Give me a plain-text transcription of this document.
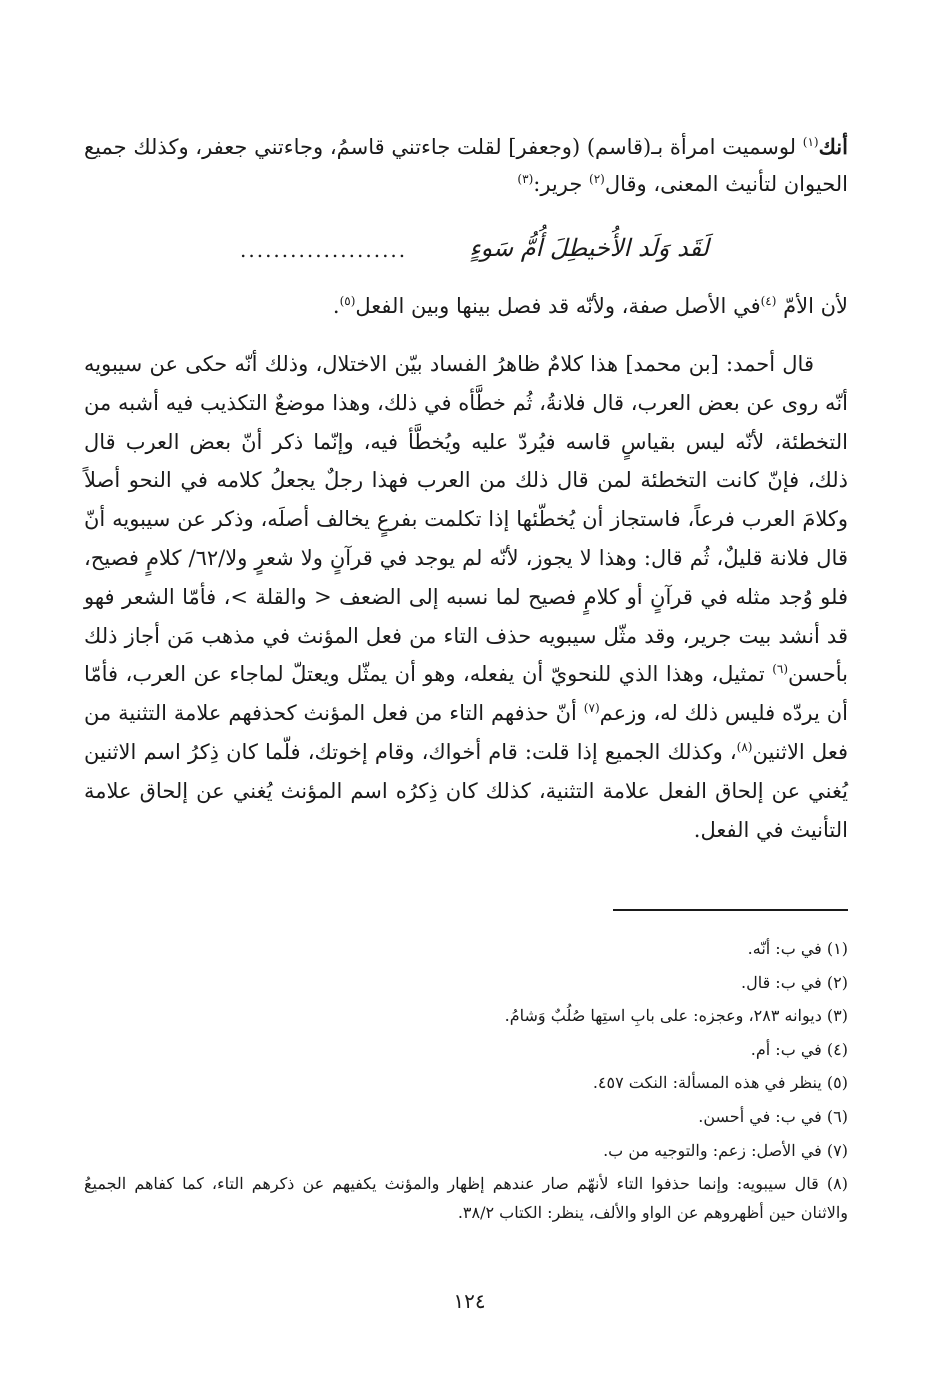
أنك$^{(١)}$ لوسميت امرأة بـ(قاسم) (وجعفر] لقلت جاءتني قاسمُ، وجاءتني جعفر، وكذلك جميع الحيوان لتأنيث المعنى، وقال$^{(٢)}$ جرير:$^{(٣)}$

لَقَد وَلَد الأُخيطِلَ أُمُّ سَوءٍ
....................

لأن الأمّ $^{(٤)}$في الأصل صفة، ولأنّه قد فصل بينها وبين الفعل$^{(٥)}$.

قال أحمد: [بن محمد] هذا كلامٌ ظاهرُ الفساد بيّن الاختلال، وذلك أنّه حكى عن سيبويه أنّه روى عن بعض العرب، قال فلانةُ، ثُم خطَّأه في ذلك، وهذا موضعٌ التكذيب فيه أشبه من التخطئة، لأنّه ليس بقياسٍ قاسه فيُردّ عليه ويُخطَّأ فيه، وإنّما ذكر أنّ بعض العرب قال ذلك، فإنّ كانت التخطئة لمن قال ذلك من العرب فهذا رجلٌ يجعلُ كلامه في النحو أصلاً وكلامَ العرب فرعاً، فاستجاز أن يُخطّئها إذا تكلمت بفرعٍ يخالف أصلَه، وذكر عن سيبويه أنّ قال فلانة قليلٌ، ثُم قال: وهذا لا يجوز، لأنّه لم يوجد في قرآنٍ ولا شعرٍ ولا/٦٢/ كلامٍ فصيح، فلو وُجد مثله في قرآنٍ أو كلامٍ فصيح لما نسبه إلى الضعف < والقلة >، فأمّا الشعر فهو قد أنشد بيت جرير، وقد مثّل سيبويه حذف التاء من فعل المؤنث في مذهب مَن أجاز ذلك بأحسن$^{(٦)}$ تمثيل، وهذا الذي للنحويّ أن يفعله، وهو أن يمثّل ويعتلّ لماجاء عن العرب، فأمّا أن يردّه فليس ذلك له، وزعم$^{(٧)}$ أنّ حذفهم التاء من فعل المؤنث كحذفهم علامة التثنية من فعل الاثنين$^{(٨)}$، وكذلك الجميع إذا قلت: قام أخواك، وقام إخوتك، فلّما كان ذِكرُ اسم الاثنين يُغني عن إلحاق الفعل علامة التثنية، كذلك كان ذِكرُه اسم المؤنث يُغني عن إلحاق علامة التأنيث في الفعل.

(١) في ب: أنّه.
(٢) في ب: قال.
(٣) ديوانه ٢٨٣، وعجزه: على بابِ استِها صُلُبٌ وَشامُ.
(٤) في ب: أم.
(٥) ينظر في هذه المسألة: النكت ٤٥٧.
(٦) في ب: في أحسن.
(٧) في الأصل: زعم: والتوجيه من ب.
(٨) قال سيبويه: وإنما حذفوا التاء لأنهّم صار عندهم إظهار والمؤنث يكفيهم عن ذكرهم التاء، كما كفاهم الجميعُ والاثنان حين أظهروهم عن الواو والألف، ينظر: الكتاب ٣٨/٢.
١٢٤
